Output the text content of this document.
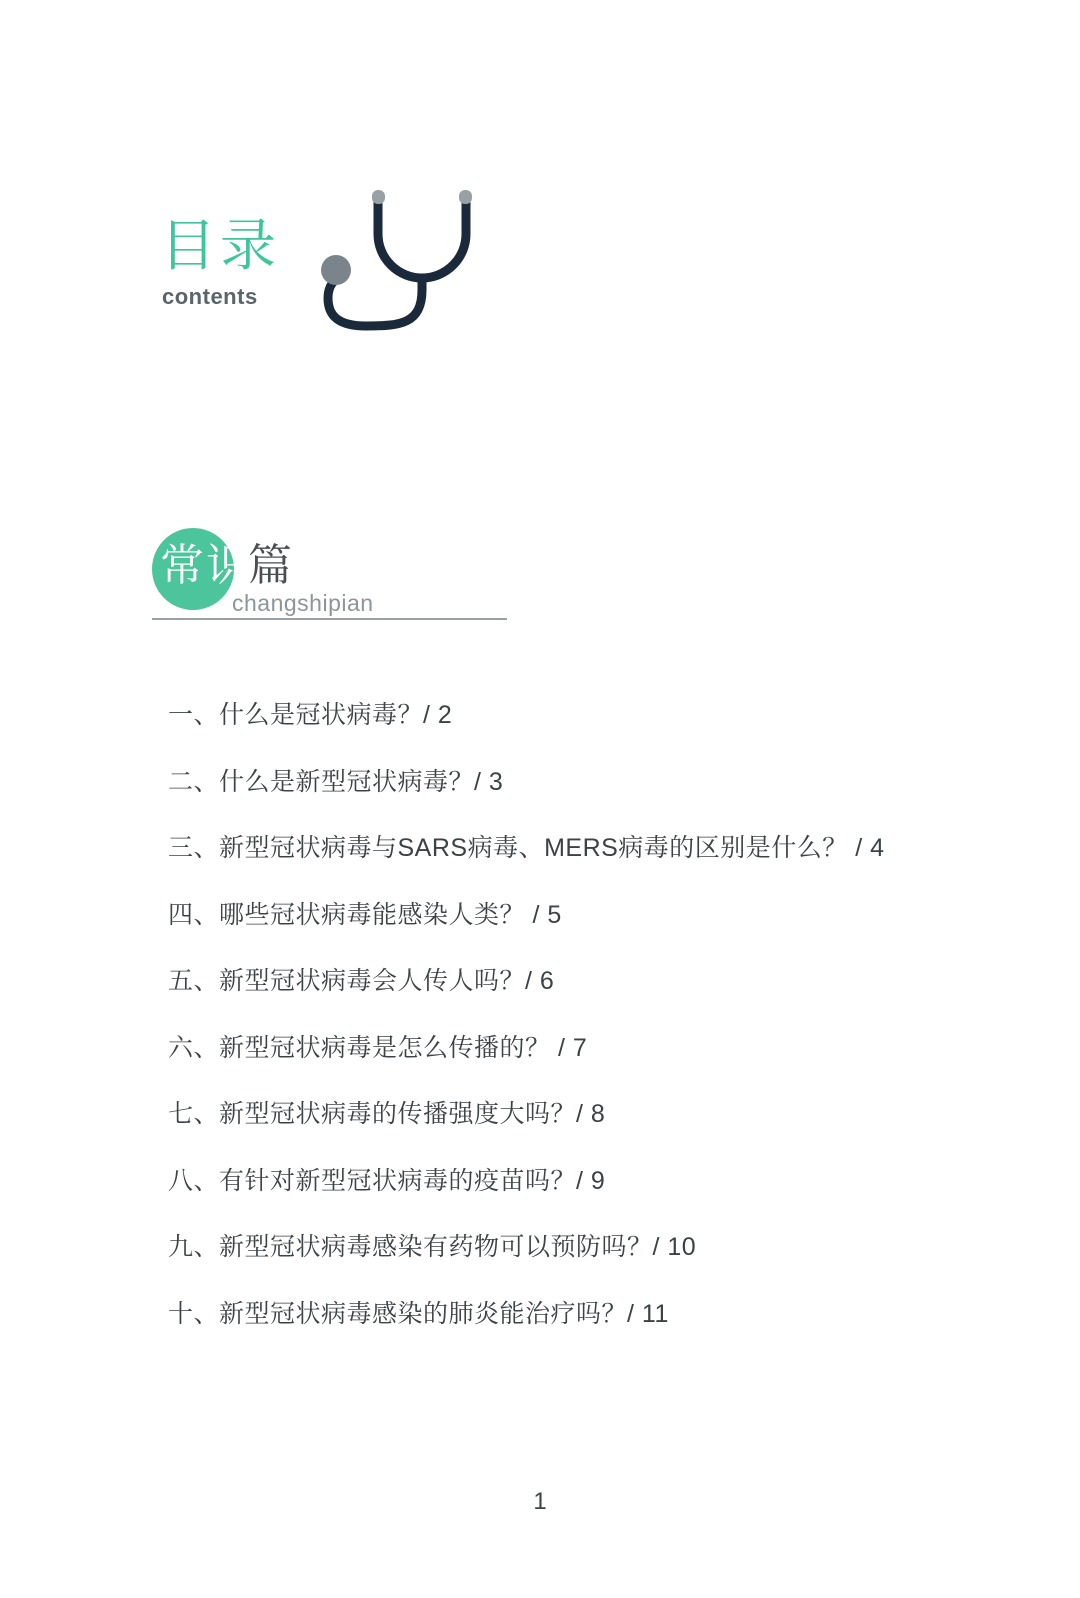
目录
contents
常识
篇
changshipian
一、什么是冠状病毒？/ 2
二、什么是新型冠状病毒？/ 3
三、新型冠状病毒与SARS病毒、MERS病毒的区别是什么？ / 4
四、哪些冠状病毒能感染人类？ / 5
五、新型冠状病毒会人传人吗？/ 6
六、新型冠状病毒是怎么传播的？ / 7
七、新型冠状病毒的传播强度大吗？/ 8
八、有针对新型冠状病毒的疫苗吗？/ 9
九、新型冠状病毒感染有药物可以预防吗？/ 10
十、新型冠状病毒感染的肺炎能治疗吗？/ 11
1
